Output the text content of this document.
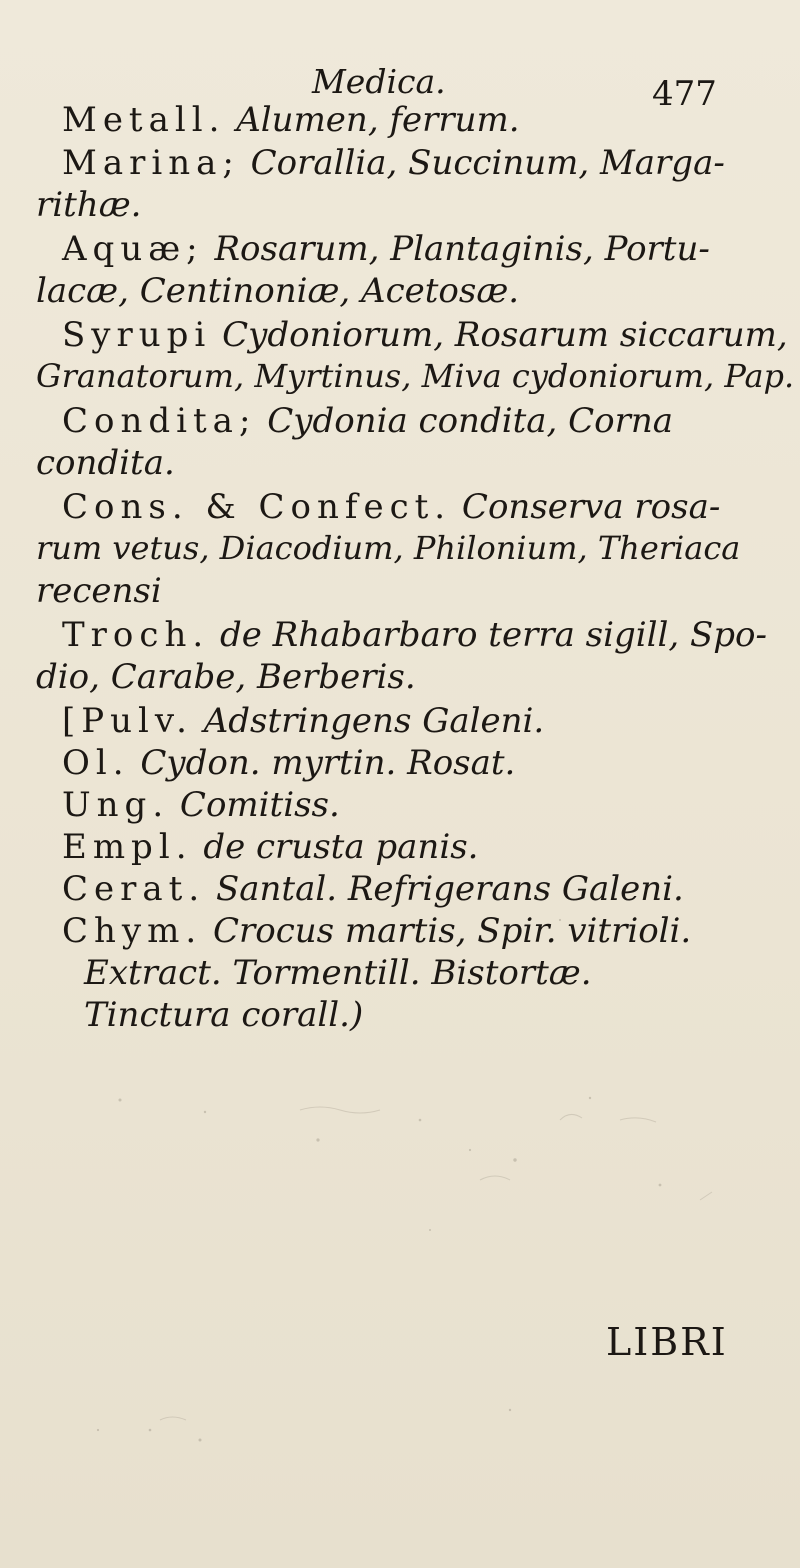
Medica.	477
Metall. Alumen, ferrum.
Marina; Corallia, Succinum, Marga-
rithæ.
Aquæ; Rosarum, Plantaginis, Portu-
lacæ, Centinoniæ, Acetosæ.
Syrupi Cydoniorum, Rosarum siccarum,
Granatorum, Myrtinus, Miva cydoniorum, Pap.
Condita; Cydonia condita, Corna
condita.
Cons. & Confect. Conserva rosa-
rum vetus, Diacodium, Philonium, Theriaca
recensi
Troch. de Rhabarbaro terra sigill, Spo-
dio, Carabe, Berberis.
[Pulv. Adstringens Galeni.
Ol. Cydon. myrtin. Rosat.
Ung. Comitiss.
Empl. de crusta panis.
Cerat. Santal. Refrigerans Galeni.
Chym. Crocus martis, Spir. vitrioli.
Extract. Tormentill. Bistortæ.
Tinctura corall.)
LIBRI
